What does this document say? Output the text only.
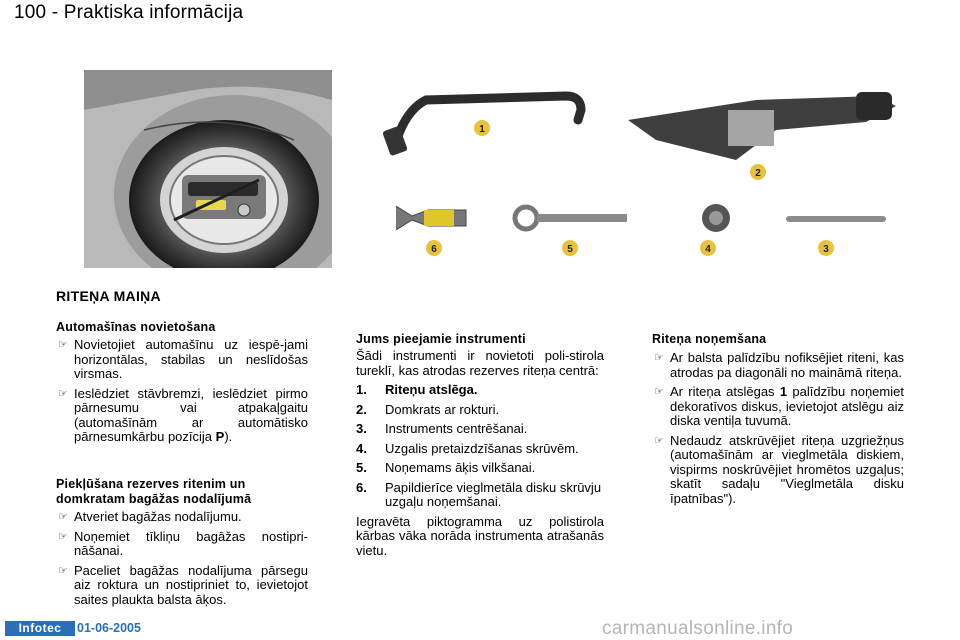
100 - Praktiska informācija
1
2
3
4
5
6
RITEŅA MAIŅA
Automašīnas novietošana
☞ Novietojiet automašīnu uz iespē-jami horizontālas, stabilas un neslīdošas virsmas.
☞ Ieslēdziet stāvbremzi, ieslēdziet pirmo pārnesumu vai atpakaļgaitu (automašīnām ar automātisko pārnesumkārbu pozīcija P).
Piekļūšana rezerves ritenim un
domkratam bagāžas nodalījumā
☞ Atveriet bagāžas nodalījumu.
☞ Noņemiet tīkliņu bagāžas nostipri-nāšanai.
☞ Paceliet bagāžas nodalījuma pārsegu aiz roktura un nostipriniet to, ievietojot saites plaukta balsta āķos.
Jums pieejamie instrumenti
Šādi instrumenti ir novietoti poli-stirola tureklī, kas atrodas rezerves riteņa centrā:
1. Riteņu atslēga.
2. Domkrats ar rokturi.
3. Instruments centrēšanai.
4. Uzgalis pretaizdzīšanas skrūvēm.
5. Noņemams āķis vilkšanai.
6. Papildierīce vieglmetāla disku skrūvju uzgaļu noņemšanai.
Iegravēta piktogramma uz polistirola kārbas vāka norāda instrumenta atrašanās vietu.
Riteņa noņemšana
☞ Ar balsta palīdzību nofiksējiet riteni, kas atrodas pa diagonāli no maināmā riteņa.
☞ Ar riteņa atslēgas 1 palīdzību noņemiet dekoratīvos diskus, ievietojot atslēgu aiz diska ventiļa tuvumā.
☞ Nedaudz atskrūvējiet riteņa uzgriežņus (automašīnām ar vieglmetāla diskiem, vispirms noskrūvējiet hromētos uzgaļus; skatīt sadaļu "Vieglmetāla disku īpatnības").
Infotec	01-06-2005	carmanualsonline.info
